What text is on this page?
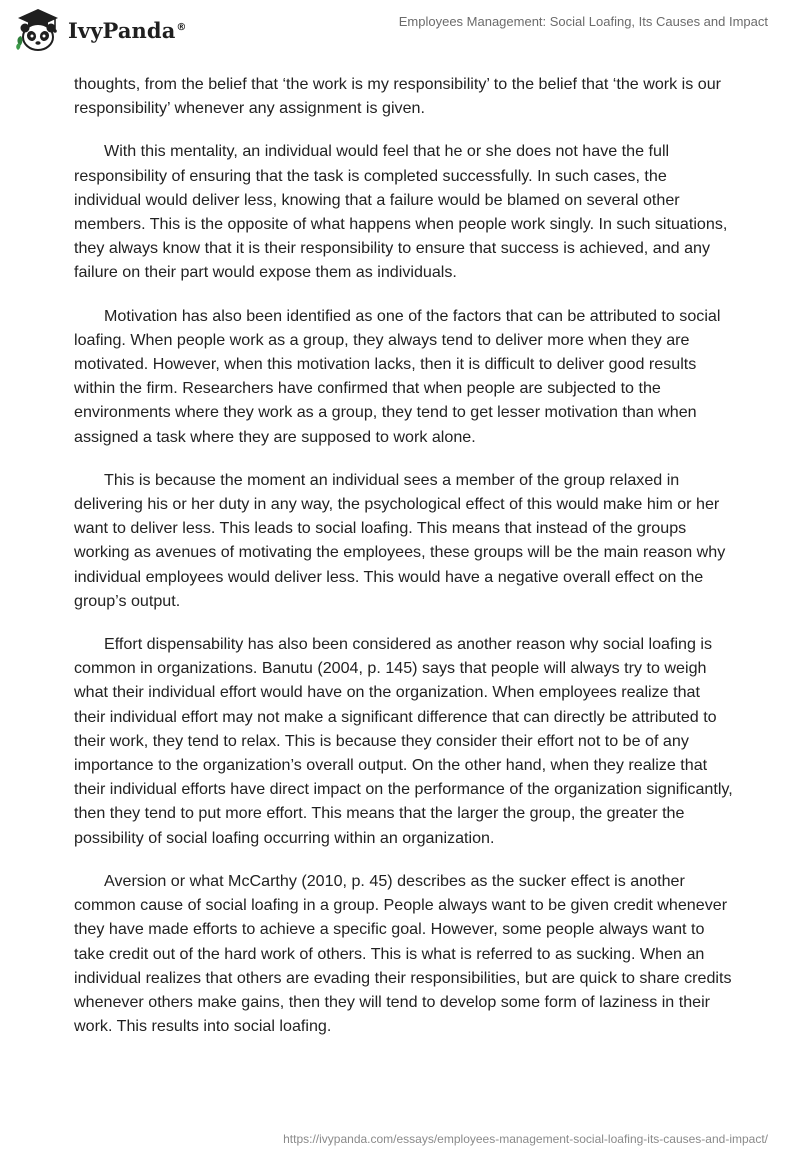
IvyPanda®	Employees Management: Social Loafing, Its Causes and Impact

thoughts, from the belief that ‘the work is my responsibility’ to the belief that ‘the work is our responsibility’ whenever any assignment is given.

With this mentality, an individual would feel that he or she does not have the full responsibility of ensuring that the task is completed successfully. In such cases, the individual would deliver less, knowing that a failure would be blamed on several other members. This is the opposite of what happens when people work singly. In such situations, they always know that it is their responsibility to ensure that success is achieved, and any failure on their part would expose them as individuals.

Motivation has also been identified as one of the factors that can be attributed to social loafing. When people work as a group, they always tend to deliver more when they are motivated. However, when this motivation lacks, then it is difficult to deliver good results within the firm. Researchers have confirmed that when people are subjected to the environments where they work as a group, they tend to get lesser motivation than when assigned a task where they are supposed to work alone.

This is because the moment an individual sees a member of the group relaxed in delivering his or her duty in any way, the psychological effect of this would make him or her want to deliver less. This leads to social loafing. This means that instead of the groups working as avenues of motivating the employees, these groups will be the main reason why individual employees would deliver less. This would have a negative overall effect on the group’s output.

Effort dispensability has also been considered as another reason why social loafing is common in organizations. Banutu (2004, p. 145) says that people will always try to weigh what their individual effort would have on the organization. When employees realize that their individual effort may not make a significant difference that can directly be attributed to their work, they tend to relax. This is because they consider their effort not to be of any importance to the organization’s overall output. On the other hand, when they realize that their individual efforts have direct impact on the performance of the organization significantly, then they tend to put more effort. This means that the larger the group, the greater the possibility of social loafing occurring within an organization.

Aversion or what McCarthy (2010, p. 45) describes as the sucker effect is another common cause of social loafing in a group. People always want to be given credit whenever they have made efforts to achieve a specific goal. However, some people always want to take credit out of the hard work of others. This is what is referred to as sucking. When an individual realizes that others are evading their responsibilities, but are quick to share credits whenever others make gains, then they will tend to develop some form of laziness in their work. This results into social loafing.

https://ivypanda.com/essays/employees-management-social-loafing-its-causes-and-impact/
